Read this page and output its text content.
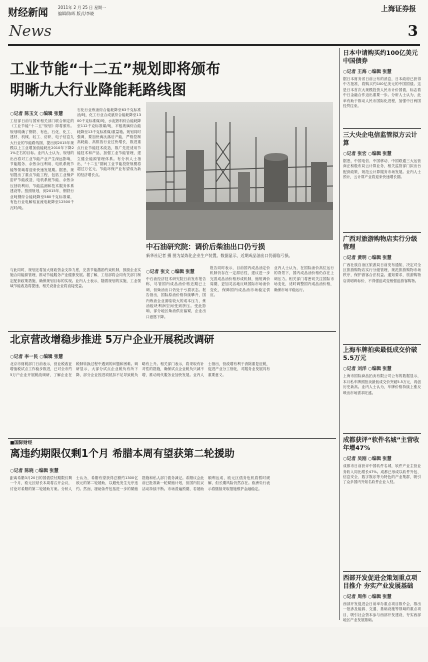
财经新闻
News
2011年 2 月 25 日 星期一
编辑/陈晖 版式/李晓
上海证券报
3
工业节能“十二五”规划即将颁布
明晰九大行业降能耗路线图
○记者 陈玉文 ○编辑 张慧
工信部日前与国家相关部门联合制定的《工业节能“十二五”规划》即将颁布。规划明确了钢铁、有色、石化、化工、建材、机械、轻工、纺织、电子信息九大行业的节能路线图，提出到2015年规模以上工业增加值能耗比2010年下降21%左右的目标。业内人士认为，规划的出台将对工业节能产业产生深远影响，节能服务、余热余压利用、电机系统节能等领域将迎来快速发展期。据悉，规划提出了重点节能工程，包括工业锅炉窑炉节能改造、电机系统节能、余热余压回收利用、节能监测和技术服务体系建设等。按照规划，到2015年，钢铁行业吨钢综合能耗降至580千克标准煤，有色行业电解铝直流电耗降至12500千瓦时/吨。
石化行业炼油综合能耗降至63千克标准油/吨，化工行业合成氨综合能耗降至1300千克标准煤/吨，水泥熟料综合能耗降至112千克标准煤/吨，平板玻璃综合能耗降至13千克标准煤/重量箱。规划同时强调，要加快淘汰落后产能，严格控制高耗能、高排放行业过快增长，推进重点行业节能技术改造，推广先进适用节能技术和产品，加强工业节能管理，建立健全能源管理体系。有分析人士指出，“十二五”期间工业节能投资规模将超过万亿元，节能环保产业有望成为新的经济增长点。
中石油研究院：调价后柴油出口仍亏损
新华社记者 摄 图为某炼化企业生产装置。数据显示，近期成品油出口仍面临亏损。
○记者 张文 ○编辑 张慧
中石油经济技术研究院日前发布报告称，尽管国内成品油价格近期已上调，但柴油出口仍处于亏损状态。报告指出，国际原油价格持续攀升，国内炼油企业面临较大的成本压力，炼油板块利润空间受到挤压。受此影响，部分地区柴油供应偏紧，企业出口意愿下降。
报告同时表示，目前国内成品油定价机制仍存在一定滞后性，建议进一步完善成品油价格形成机制，缩短调价周期，更加灵活地反映国际市场油价变化，保障国内成品油市场稳定供应。
业内人士认为，在国际油价高位运行的背景下，国内成品油价格仍存在上调压力。相关部门将密切关注国际市场变化，适时调整国内成品油价格，确保市场平稳运行。
与此同时，规划还将加大财政资金支持力度，完善节能激励约束机制，鼓励企业实施合同能源管理，推动节能服务产业健康发展。据了解，工信部将会同有关部门制定配套政策措施，确保规划目标的实现。业内人士表示，随着规划的实施，工业领域节能改造将提速，相关设备企业将直接受益。
北京营改增稳步推进 5万户企业开展税改调研
○记者 李一民 ○编辑 张慧
北京市财税部门日前表示，营业税改征增值税试点工作稳步推进，已对全市约5万户企业开展税改调研，了解企业在税制转换过程中遇到的问题和困难。调研显示，大部分试点企业税负有所下降，部分企业因进项抵扣不足导致税负略有上升。相关部门表示，将采取有针对性的措施，确保试点企业税负只减不增，推动现代服务业加快发展。业内人士指出，营改增有利于消除重复征税，促进产业分工细化，对服务业发展具有重要意义。
■国际财经
离违约期限仅剩1个月 希腊本周有望获第二轮援助
○记者 陈晓 ○编辑 张慧
距离希腊3月20日的国债偿付期限仅剩一个月，欧元区财长本周将召开会议，讨论对希腊的第二轮援助方案。分析人士认为，希腊有望获得总额约1300亿欧元的第二轮援助，以避免发生无序违约。然而，援助条件包括进一步的紧缩措施和私人部门债务减记。希腊议会此前已批准新一轮紧缩计划，但国内抗议活动持续不断。市场普遍预期，若援助顺利达成，欧元区债务危机将暂时缓解，但长期风险仍然存在。欧洲央行表示将继续采取措施维护金融稳定。
日本中请购买约100亿美元中国债券
○记者 王海 ○编辑 张慧
据日本财务省日前公布的消息，日本政府已获得中方批准，将购买约100亿美元的中国国债。这是日本首次大规模投资人民币计价国债，标志着中日金融合作迈出重要一步。分析人士认为，此举有助于推动人民币国际化进程，加强中日两国经贸往来。
三大央企电信监管拟方云计算
○记者 张宏 ○编辑 张慧
据悉，中国电信、中国移动、中国联通三大运营商正积极布局云计算业务，相关监管部门拟出台配套政策，规范云计算服务市场发展。业内人士预计，云计算产业将迎来快速增长期。
广西对旅游购物店实行分级管理
○记者 黄明 ○编辑 张慧
广西壮族自治区旅游局日前发布通知，决定对全区旅游购物店实行分级管理，规范旅游购物市场秩序，保护游客合法权益。通知要求，旅游购物店须明码标价，不得强迫或变相强迫游客购物。
上海车牌拍卖最低成交价破5.5万元
○记者 刘洋 ○编辑 张慧
上海市国际商品拍卖有限公司公布的数据显示，本月私车牌照拍卖最低成交价突破5.5万元，再创历史新高。业内人士认为，车牌价格持续上涨反映出市场需求旺盛。
成都获评“软件名城”主营收年增47%
○记者 吴刚 ○编辑 张慧
成都市日前获评中国软件名城，软件产业主营业务收入同比增长47%。成都已形成以软件外包、信息安全、数字娱乐等为特色的产业集群，吸引了众多国内外知名软件企业入驻。
西部开发促进会策划重点项目推介 夯实产业发展基础
○记者 周伟 ○编辑 张慧
西部开发促进会日前举办重点项目推介会，推出一批涉及能源、交通、基础设施等领域的重点项目，吸引社会资本参与西部开发建设，夯实西部地区产业发展基础。
